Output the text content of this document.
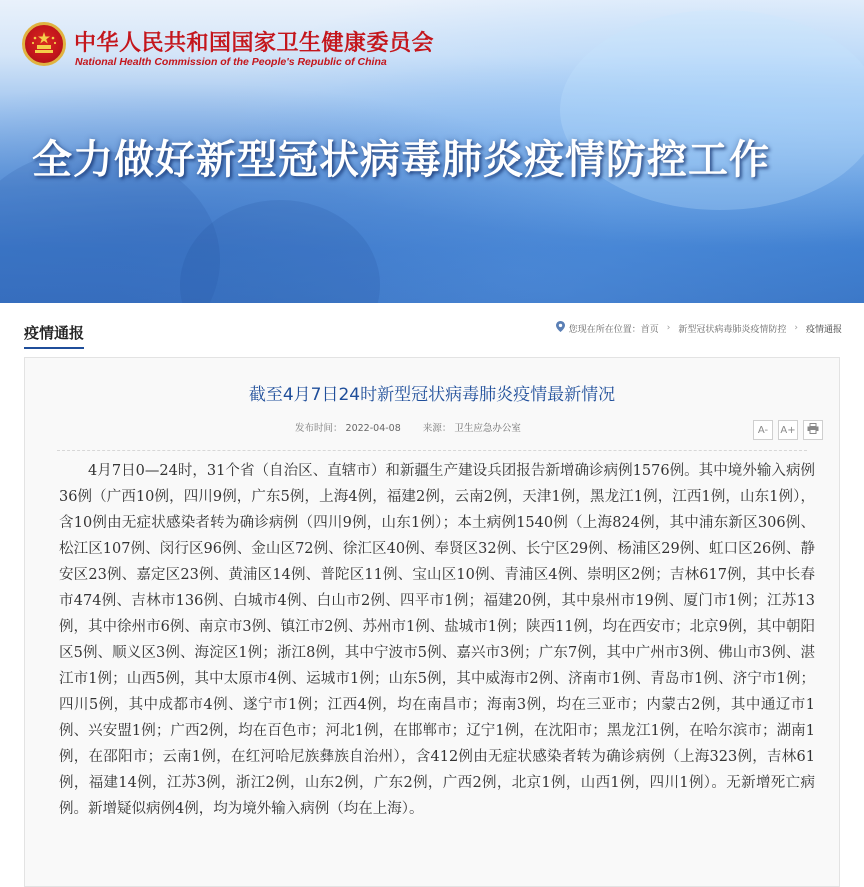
中华人民共和国国家卫生健康委员会
National Health Commission of the People's Republic of China
全力做好新型冠状病毒肺炎疫情防控工作
疫情通报	您现在所在位置： 首页 › 新型冠状病毒肺炎疫情防控 › 疫情通报
截至4月7日24时新型冠状病毒肺炎疫情最新情况
发布时间： 2022-04-08 来源： 卫生应急办公室	A-	A+
4月7日0—24时，31个省（自治区、直辖市）和新疆生产建设兵团报告新增确诊病例1576例。其中境外输入病例36例（广西10例，四川9例，广东5例，上海4例，福建2例，云南2例，天津1例，黑龙江1例，江西1例，山东1例），含10例由无症状感染者转为确诊病例（四川9例，山东1例）；本土病例1540例（上海824例，其中浦东新区306例、松江区107例、闵行区96例、金山区72例、徐汇区40例、奉贤区32例、长宁区29例、杨浦区29例、虹口区26例、静安区23例、嘉定区23例、黄浦区14例、普陀区11例、宝山区10例、青浦区4例、崇明区2例；吉林617例，其中长春市474例、吉林市136例、白城市4例、白山市2例、四平市1例；福建20例，其中泉州市19例、厦门市1例；江苏13例，其中徐州市6例、南京市3例、镇江市2例、苏州市1例、盐城市1例；陕西11例，均在西安市；北京9例，其中朝阳区5例、顺义区3例、海淀区1例；浙江8例，其中宁波市5例、嘉兴市3例；广东7例，其中广州市3例、佛山市3例、湛江市1例；山西5例，其中太原市4例、运城市1例；山东5例，其中威海市2例、济南市1例、青岛市1例、济宁市1例；四川5例，其中成都市4例、遂宁市1例；江西4例，均在南昌市；海南3例，均在三亚市；内蒙古2例，其中通辽市1例、兴安盟1例；广西2例，均在百色市；河北1例，在邯郸市；辽宁1例，在沈阳市；黑龙江1例，在哈尔滨市；湖南1例，在邵阳市；云南1例，在红河哈尼族彝族自治州），含412例由无症状感染者转为确诊病例（上海323例，吉林61例，福建14例，江苏3例，浙江2例，山东2例，广东2例，广西2例，北京1例，山西1例，四川1例）。无新增死亡病例。新增疑似病例4例，均为境外输入病例（均在上海）。
